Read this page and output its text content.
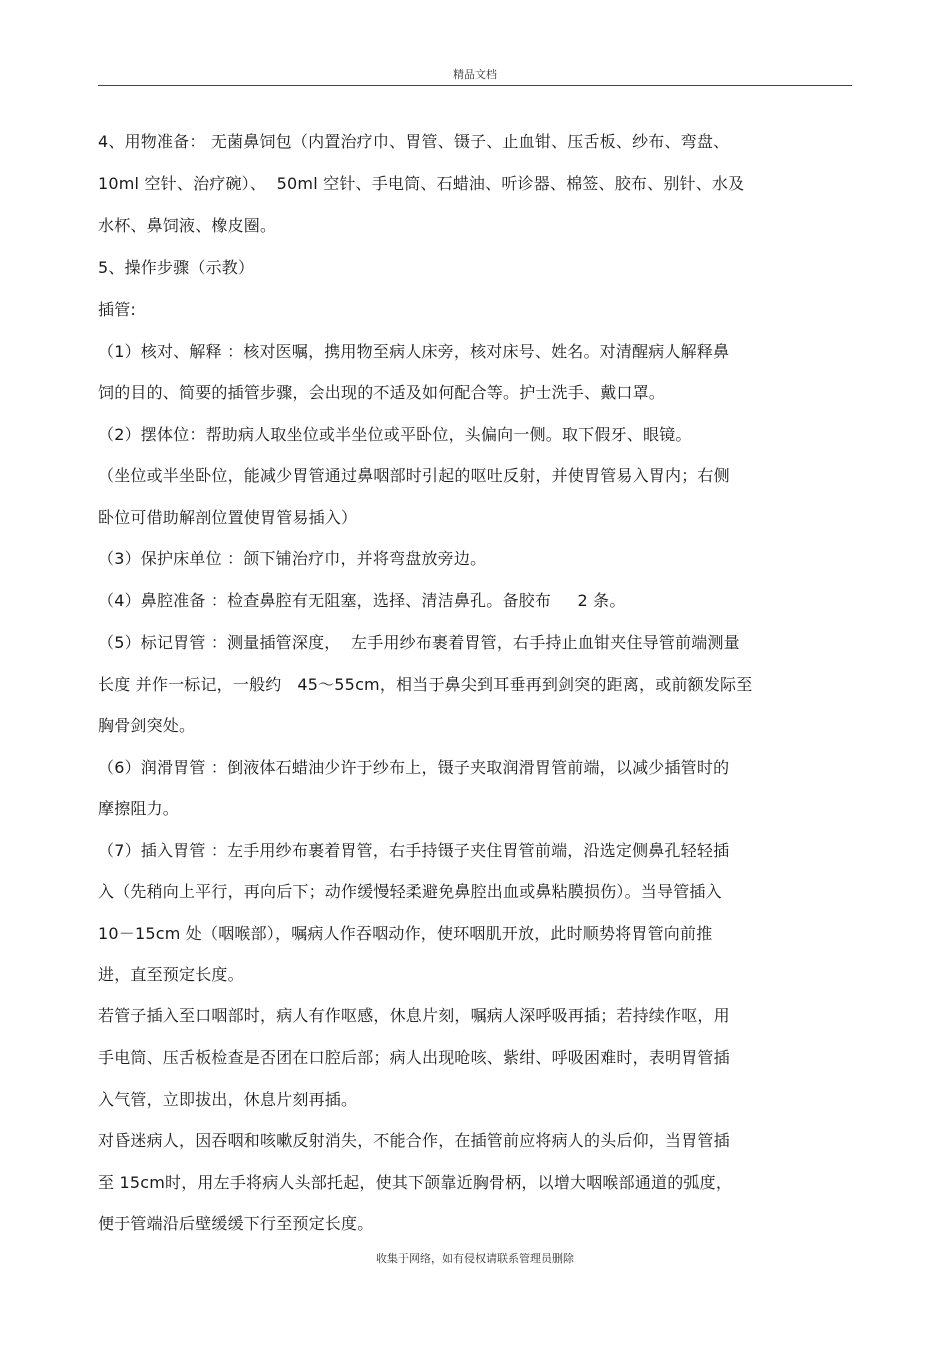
精品文档
4、用物准备： 无菌鼻饲包（内置治疗巾、胃管、镊子、止血钳、压舌板、纱布、弯盘、
10ml 空针、治疗碗）、  50ml 空针、手电筒、石蜡油、听诊器、棉签、胶布、别针、水及
水杯、鼻饲液、橡皮圈。
5、操作步骤（示教）
插管:
（1）核对、解释 ：核对医嘱，携用物至病人床旁，核对床号、姓名。对清醒病人解释鼻
饲的目的、简要的插管步骤，会出现的不适及如何配合等。护士洗手、戴口罩。
（2）摆体位：帮助病人取坐位或半坐位或平卧位，头偏向一侧。取下假牙、眼镜。
（坐位或半坐卧位，能减少胃管通过鼻咽部时引起的呕吐反射，并使胃管易入胃内；右侧
卧位可借助解剖位置使胃管易插入）
（3）保护床单位 ：颌下铺治疗巾，并将弯盘放旁边。
（4）鼻腔准备 ：检查鼻腔有无阻塞，选择、清洁鼻孔。备胶布     2 条。
（5）标记胃管 ：测量插管深度，  左手用纱布裹着胃管，右手持止血钳夹住导管前端测量
长度 并作一标记，一般约   45～55cm，相当于鼻尖到耳垂再到剑突的距离，或前额发际至
胸骨剑突处。
（6）润滑胃管 ：倒液体石蜡油少许于纱布上，镊子夹取润滑胃管前端，以减少插管时的
摩擦阻力。
（7）插入胃管 ：左手用纱布裹着胃管，右手持镊子夹住胃管前端，沿选定侧鼻孔轻轻插
入（先稍向上平行，再向后下；动作缓慢轻柔避免鼻腔出血或鼻粘膜损伤）。当导管插入
10－15cm 处（咽喉部），嘱病人作吞咽动作，使环咽肌开放，此时顺势将胃管向前推
进，直至预定长度。
若管子插入至口咽部时，病人有作呕感，休息片刻，嘱病人深呼吸再插；若持续作呕，用
手电筒、压舌板检查是否团在口腔后部；病人出现呛咳、紫绀、呼吸困难时，表明胃管插
入气管，立即拔出，休息片刻再插。
对昏迷病人，因吞咽和咳嗽反射消失，不能合作，在插管前应将病人的头后仰，当胃管插
至 15cm时，用左手将病人头部托起，使其下颌靠近胸骨柄，以增大咽喉部通道的弧度，
便于管端沿后壁缓缓下行至预定长度。
收集于网络，如有侵权请联系管理员删除
